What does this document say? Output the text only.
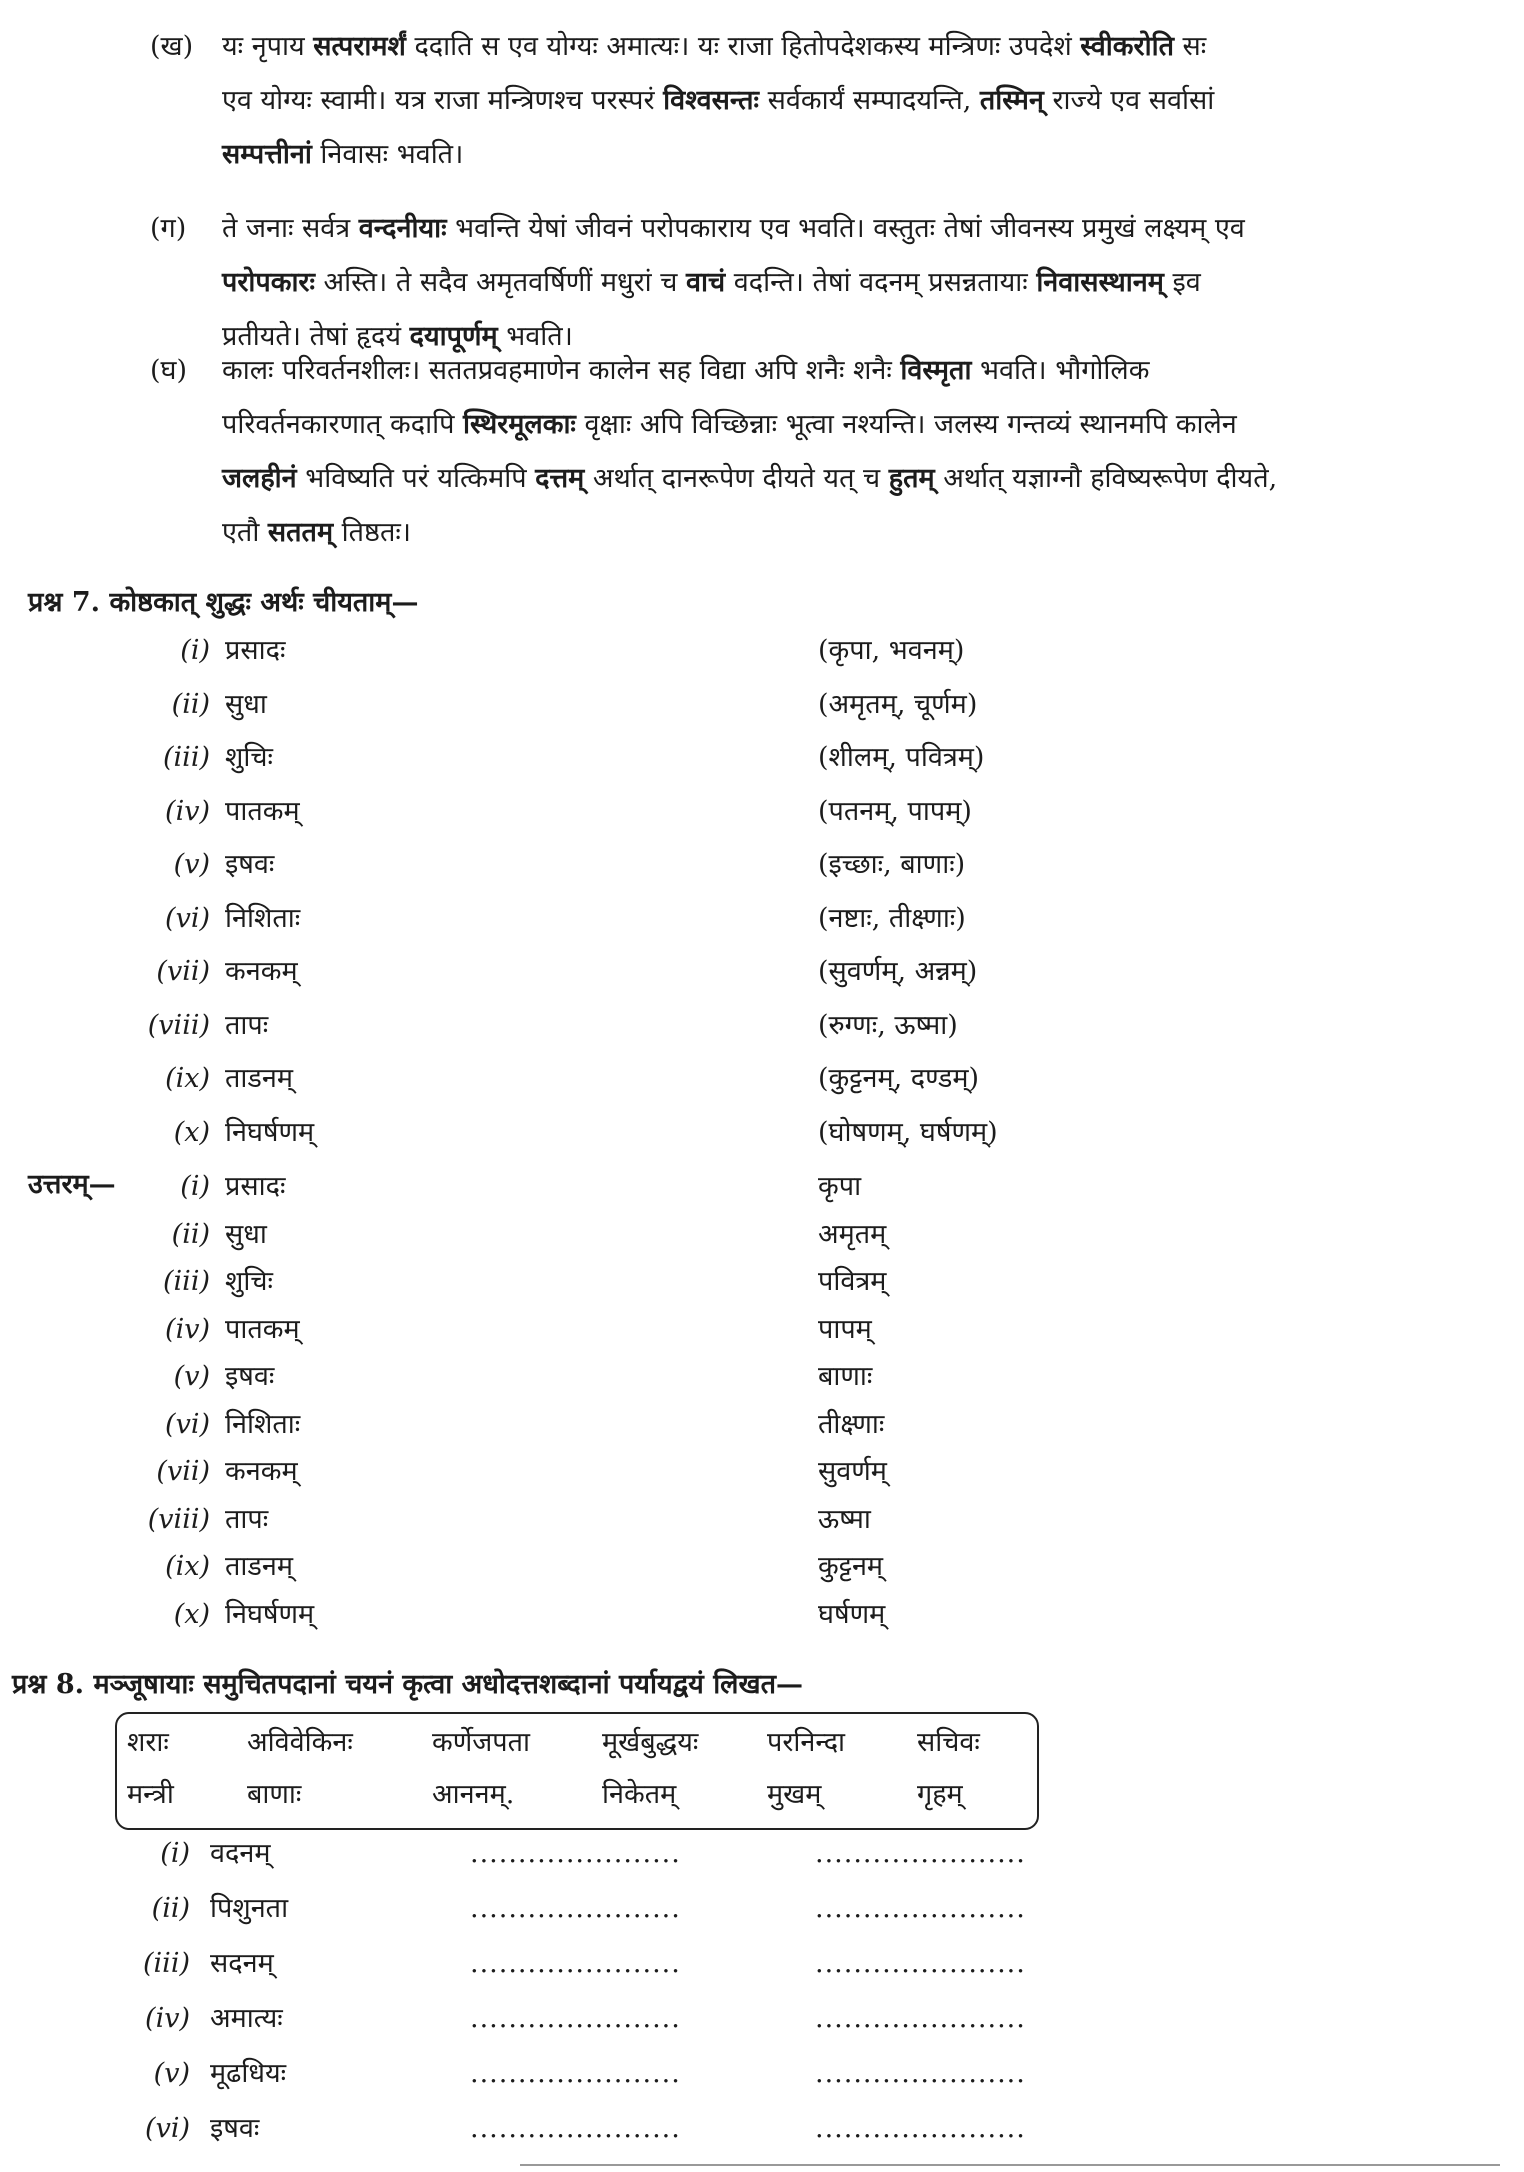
(ख)	यः नृपाय सत्परामर्शं ददाति स एव योग्यः अमात्यः। यः राजा हितोपदेशकस्य मन्त्रिणः उपदेशं स्वीकरोति सः
एव योग्यः स्वामी। यत्र राजा मन्त्रिणश्च परस्परं विश्वसन्तः सर्वकार्यं सम्पादयन्ति, तस्मिन् राज्ये एव सर्वासां
सम्पत्तीनां निवासः भवति।
(ग)	ते जनाः सर्वत्र वन्दनीयाः भवन्ति येषां जीवनं परोपकाराय एव भवति। वस्तुतः तेषां जीवनस्य प्रमुखं लक्ष्यम् एव
परोपकारः अस्ति। ते सदैव अमृतवर्षिणीं मधुरां च वाचं वदन्ति। तेषां वदनम् प्रसन्नतायाः निवासस्थानम् इव
प्रतीयते। तेषां हृदयं दयापूर्णम् भवति।
(घ)	कालः परिवर्तनशीलः। सततप्रवहमाणेन कालेन सह विद्या अपि शनैः शनैः विस्मृता भवति। भौगोलिक
परिवर्तनकारणात् कदापि स्थिरमूलकाः वृक्षाः अपि विच्छिन्नाः भूत्वा नश्यन्ति। जलस्य गन्तव्यं स्थानमपि कालेन
जलहीनं भविष्यति परं यत्किमपि दत्तम् अर्थात् दानरूपेण दीयते यत् च हुतम् अर्थात् यज्ञाग्नौ हविष्यरूपेण दीयते,
एतौ सततम् तिष्ठतः।
प्रश्न 7. कोष्ठकात् शुद्धः अर्थः चीयताम्—
(i) प्रसादः	(कृपा, भवनम्)
(ii) सुधा	(अमृतम्, चूर्णम)
(iii) शुचिः	(शीलम्, पवित्रम्)
(iv) पातकम्	(पतनम्, पापम्)
(v) इषवः	(इच्छाः, बाणाः)
(vi) निशिताः	(नष्टाः, तीक्ष्णाः)
(vii) कनकम्	(सुवर्णम्, अन्नम्)
(viii) तापः	(रुग्णः, ऊष्मा)
(ix) ताडनम्	(कुट्टनम्, दण्डम्)
(x) निघर्षणम्	(घोषणम्, घर्षणम्)
उत्तरम्—	(i) प्रसादः	कृपा
(ii) सुधा	अमृतम्
(iii) शुचिः	पवित्रम्
(iv) पातकम्	पापम्
(v) इषवः	बाणाः
(vi) निशिताः	तीक्ष्णाः
(vii) कनकम्	सुवर्णम्
(viii) तापः	ऊष्मा
(ix) ताडनम्	कुट्टनम्
(x) निघर्षणम्	घर्षणम्
प्रश्न 8. मञ्जूषायाः समुचितपदानां चयनं कृत्वा अधोदत्तशब्दानां पर्यायद्वयं लिखत—
शराः	अविवेकिनः	कर्णेजपता	मूर्खबुद्धयः	परनिन्दा	सचिवः
मन्त्री	बाणाः	आननम्.	निकेतम्	मुखम्	गृहम्
(i) वदनम्	......................	......................
(ii) पिशुनता	......................	......................
(iii) सदनम्	......................	......................
(iv) अमात्यः	......................	......................
(v) मूढधियः	......................	......................
(vi) इषवः	......................	......................
